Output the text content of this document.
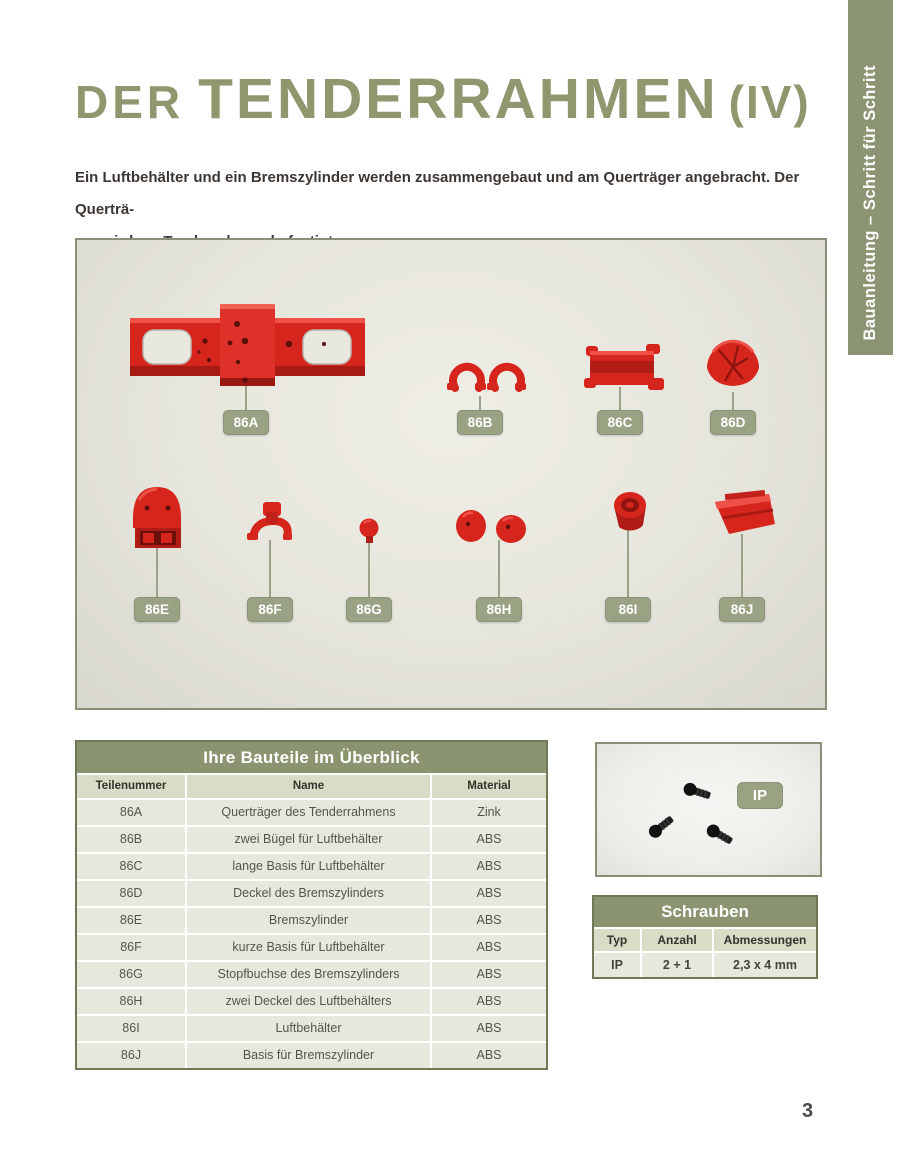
Bauanleitung – Schritt für Schritt
DER TENDERRAHMEN (IV)

Ein Luftbehälter und ein Bremszylinder werden zusammengebaut und am Querträger angebracht. Der Querträ-

86A	86B	86C	86D
86E	86F	86G	86H	86I	86J
Ihre Bauteile im Überblick
Teilenummer	Name	Material
86A	Querträger des Tenderrahmens	Zink
86B	zwei Bügel für Luftbehälter	ABS
86C	lange Basis für Luftbehälter	ABS
86D	Deckel des Bremszylinders	ABS
86E	Bremszylinder	ABS
86F	kurze Basis für Luftbehälter	ABS
86G	Stopfbuchse des Bremszylinders	ABS
86H	zwei Deckel des Luftbehälters	ABS
86I	Luftbehälter	ABS
86J	Basis für Bremszylinder	ABS
IP
Schrauben
Typ	Anzahl	Abmessungen
IP	2 + 1	2,3 x 4 mm
3
